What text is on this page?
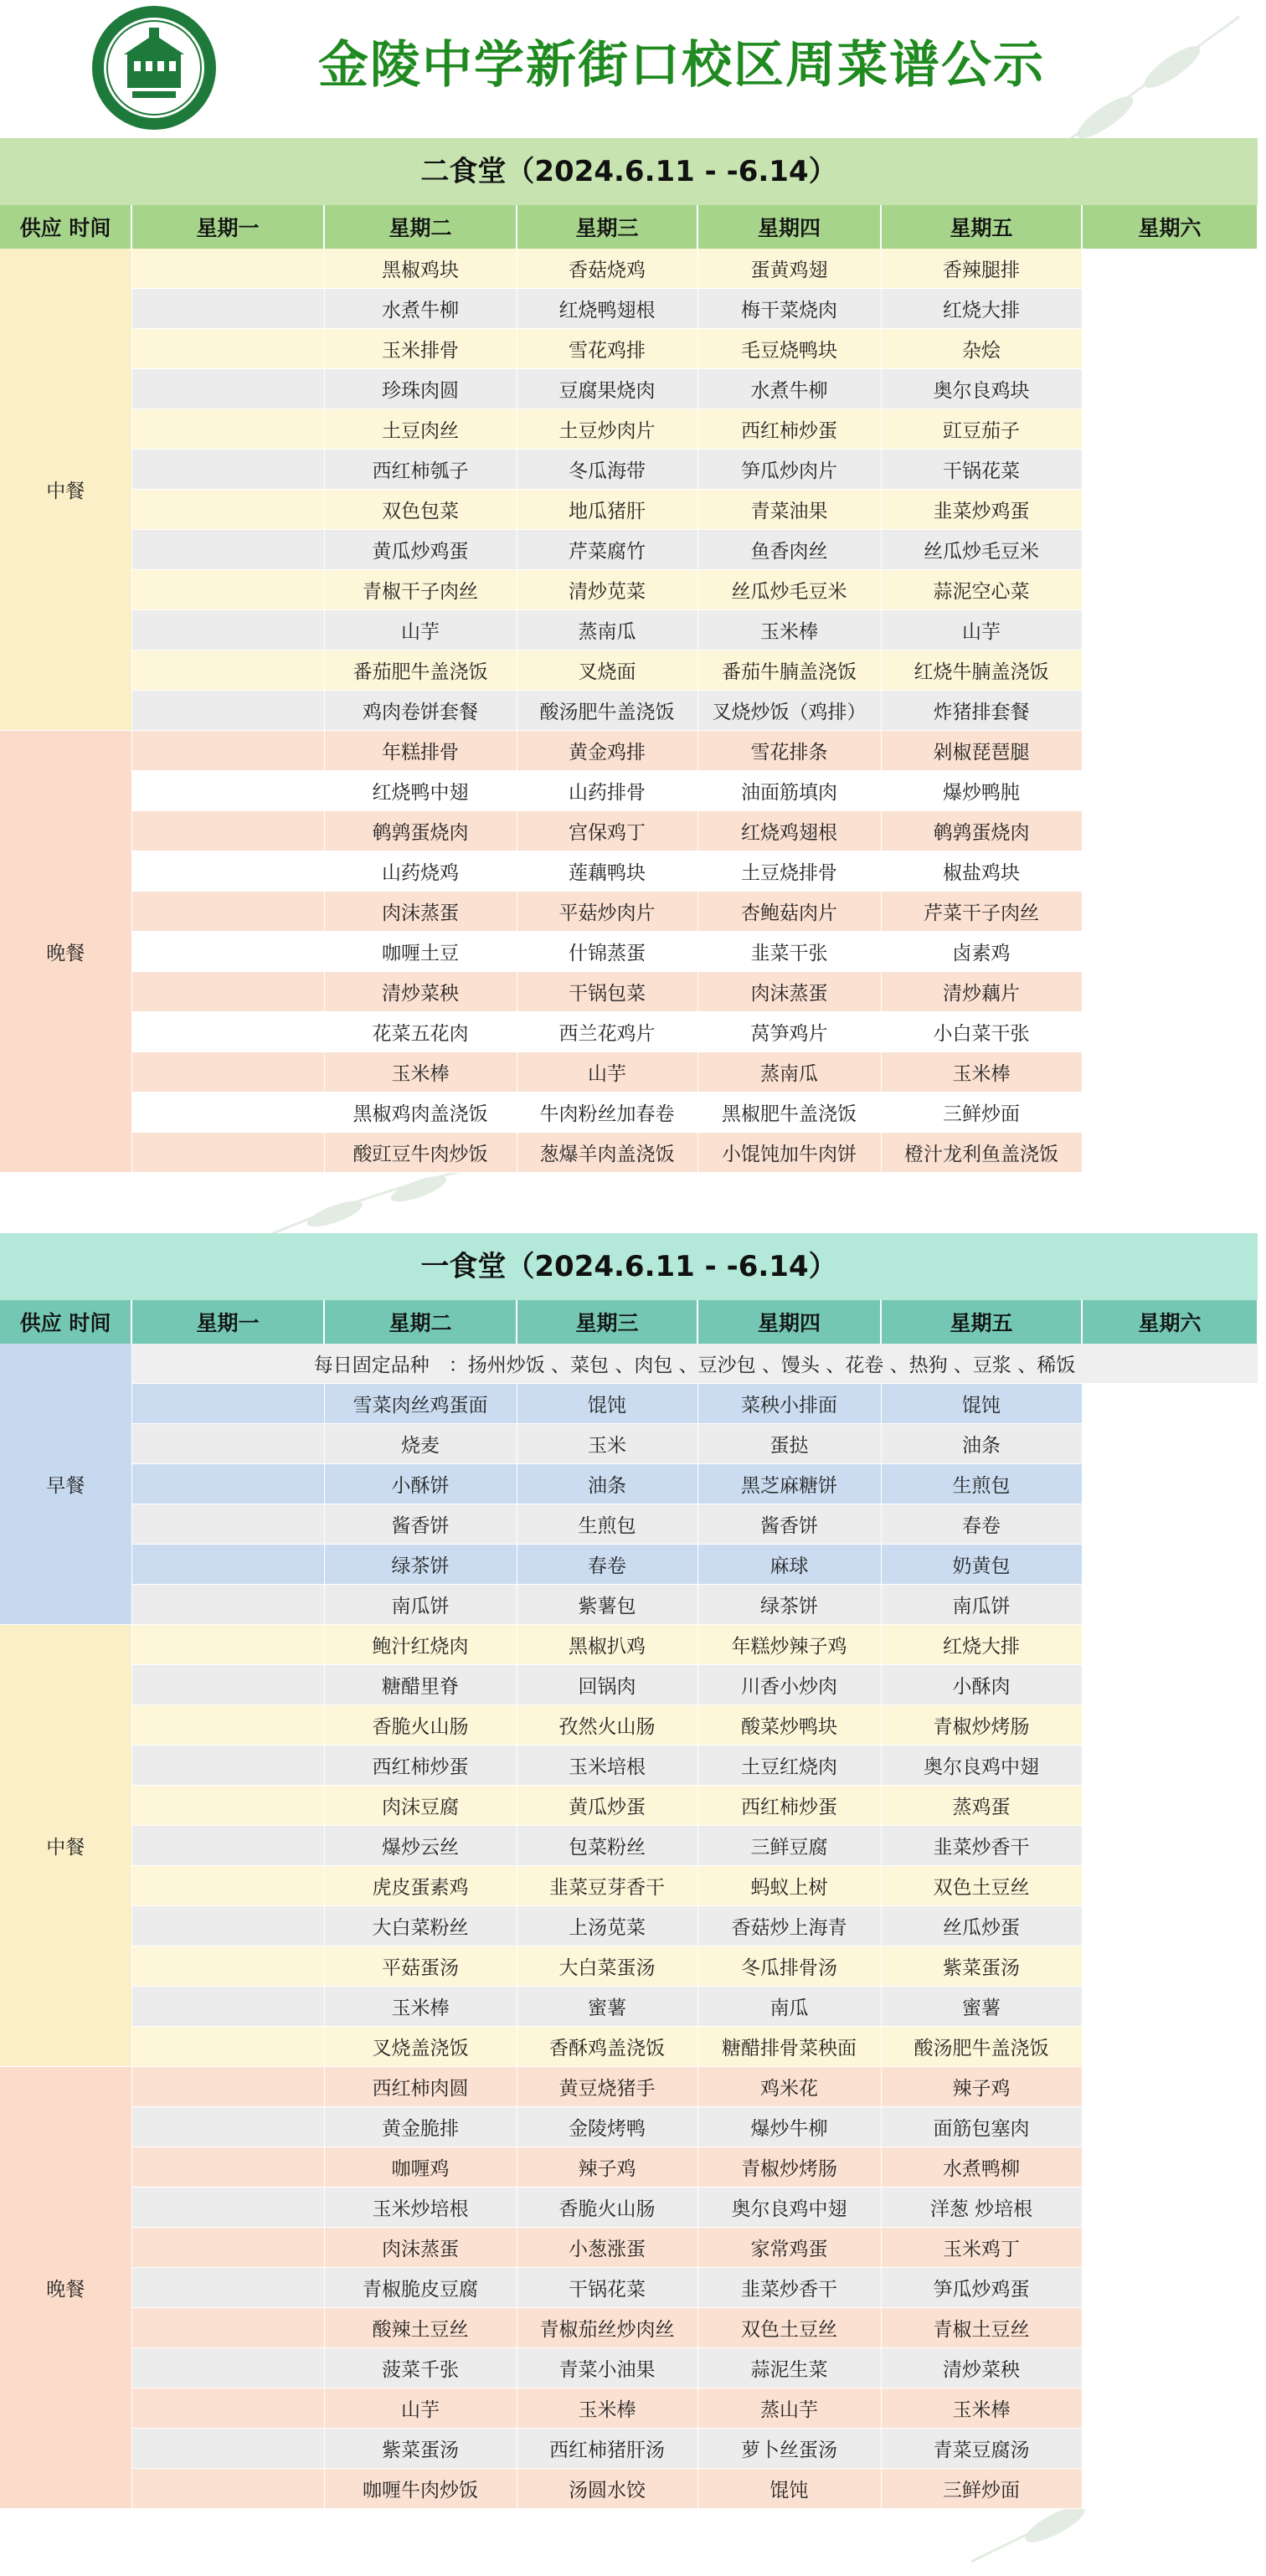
金陵中学新街口校区周菜谱公示
二食堂（2024.6.11 - -6.14）
供应 时间	星期一	星期二	星期三	星期四	星期五	星期六
中餐		黑椒鸡块	香菇烧鸡	蛋黄鸡翅	香辣腿排	
		水煮牛柳	红烧鸭翅根	梅干菜烧肉	红烧大排	
		玉米排骨	雪花鸡排	毛豆烧鸭块	杂烩	
		珍珠肉圆	豆腐果烧肉	水煮牛柳	奥尔良鸡块	
		土豆肉丝	土豆炒肉片	西红柿炒蛋	豇豆茄子	
		西红柿瓠子	冬瓜海带	笋瓜炒肉片	干锅花菜	
		双色包菜	地瓜猪肝	青菜油果	韭菜炒鸡蛋	
		黄瓜炒鸡蛋	芹菜腐竹	鱼香肉丝	丝瓜炒毛豆米	
		青椒干子肉丝	清炒苋菜	丝瓜炒毛豆米	蒜泥空心菜	
		山芋	蒸南瓜	玉米棒	山芋	
		番茄肥牛盖浇饭	叉烧面	番茄牛腩盖浇饭	红烧牛腩盖浇饭	
		鸡肉卷饼套餐	酸汤肥牛盖浇饭	叉烧炒饭（鸡排）	炸猪排套餐	
晚餐		年糕排骨	黄金鸡排	雪花排条	剁椒琵琶腿	
		红烧鸭中翅	山药排骨	油面筋填肉	爆炒鸭肫	
		鹌鹑蛋烧肉	宫保鸡丁	红烧鸡翅根	鹌鹑蛋烧肉	
		山药烧鸡	莲藕鸭块	土豆烧排骨	椒盐鸡块	
		肉沫蒸蛋	平菇炒肉片	杏鲍菇肉片	芹菜干子肉丝	
		咖喱土豆	什锦蒸蛋	韭菜干张	卤素鸡	
		清炒菜秧	干锅包菜	肉沫蒸蛋	清炒藕片	
		花菜五花肉	西兰花鸡片	莴笋鸡片	小白菜干张	
		玉米棒	山芋	蒸南瓜	玉米棒	
		黑椒鸡肉盖浇饭	牛肉粉丝加春卷	黑椒肥牛盖浇饭	三鲜炒面	
		酸豇豆牛肉炒饭	葱爆羊肉盖浇饭	小馄饨加牛肉饼	橙汁龙利鱼盖浇饭	
一食堂（2024.6.11 - -6.14）
供应 时间	星期一	星期二	星期三	星期四	星期五	星期六
早餐	每日固定品种　：扬州炒饭 、菜包 、肉包 、豆沙包 、馒头 、花卷 、热狗 、豆浆 、稀饭					
		雪菜肉丝鸡蛋面	馄饨	菜秧小排面	馄饨	
		烧麦	玉米	蛋挞	油条	
		小酥饼	油条	黑芝麻糖饼	生煎包	
		酱香饼	生煎包	酱香饼	春卷	
		绿茶饼	春卷	麻球	奶黄包	
		南瓜饼	紫薯包	绿茶饼	南瓜饼	
中餐		鲍汁红烧肉	黑椒扒鸡	年糕炒辣子鸡	红烧大排	
		糖醋里脊	回锅肉	川香小炒肉	小酥肉	
		香脆火山肠	孜然火山肠	酸菜炒鸭块	青椒炒烤肠	
		西红柿炒蛋	玉米培根	土豆红烧肉	奥尔良鸡中翅	
		肉沫豆腐	黄瓜炒蛋	西红柿炒蛋	蒸鸡蛋	
		爆炒云丝	包菜粉丝	三鲜豆腐	韭菜炒香干	
		虎皮蛋素鸡	韭菜豆芽香干	蚂蚁上树	双色土豆丝	
		大白菜粉丝	上汤苋菜	香菇炒上海青	丝瓜炒蛋	
		平菇蛋汤	大白菜蛋汤	冬瓜排骨汤	紫菜蛋汤	
		玉米棒	蜜薯	南瓜	蜜薯	
		叉烧盖浇饭	香酥鸡盖浇饭	糖醋排骨菜秧面	酸汤肥牛盖浇饭	
晚餐		西红柿肉圆	黄豆烧猪手	鸡米花	辣子鸡	
		黄金脆排	金陵烤鸭	爆炒牛柳	面筋包塞肉	
		咖喱鸡	辣子鸡	青椒炒烤肠	水煮鸭柳	
		玉米炒培根	香脆火山肠	奥尔良鸡中翅	洋葱 炒培根	
		肉沫蒸蛋	小葱涨蛋	家常鸡蛋	玉米鸡丁	
		青椒脆皮豆腐	干锅花菜	韭菜炒香干	笋瓜炒鸡蛋	
		酸辣土豆丝	青椒茄丝炒肉丝	双色土豆丝	青椒土豆丝	
		菠菜千张	青菜小油果	蒜泥生菜	清炒菜秧	
		山芋	玉米棒	蒸山芋	玉米棒	
		紫菜蛋汤	西红柿猪肝汤	萝卜丝蛋汤	青菜豆腐汤	
		咖喱牛肉炒饭	汤圆水饺	馄饨	三鲜炒面	
